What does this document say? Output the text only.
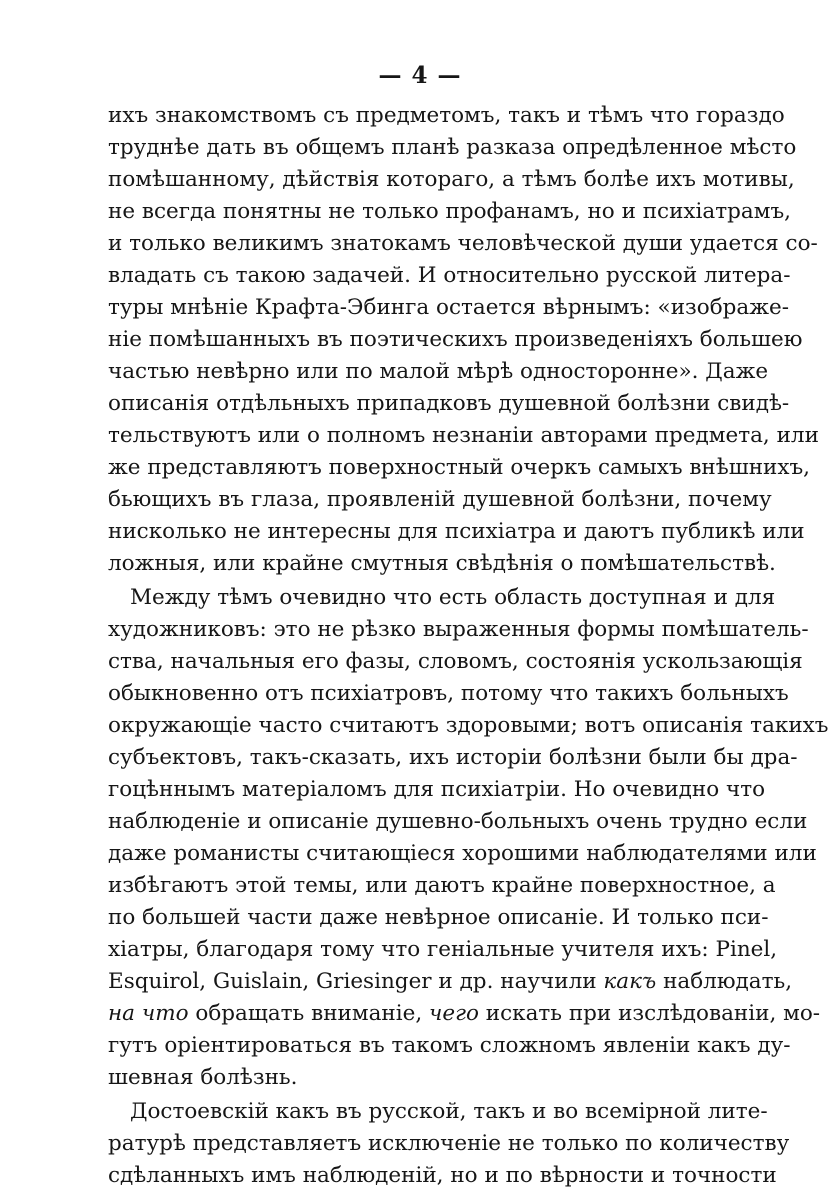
— 4 —
ихъ знакомствомъ съ предметомъ, такъ и тѣмъ что гораздо
труднѣе дать въ общемъ планѣ разказа опредѣленное мѣсто
помѣшанному, дѣйствія котораго, а тѣмъ болѣе ихъ мотивы,
не всегда понятны не только профанамъ, но и психіатрамъ,
и только великимъ знатокамъ человѣческой души удается со-
владать съ такою задачей. И относительно русской литера-
туры мнѣніе Крафта-Эбинга остается вѣрнымъ: «изображе-
ніе помѣшанныхъ въ поэтическихъ произведеніяхъ большею
частью невѣрно или по малой мѣрѣ односторонне». Даже
описанія отдѣльныхъ припадковъ душевной болѣзни свидѣ-
тельствуютъ или о полномъ незнаніи авторами предмета, или
же представляютъ поверхностный очеркъ самыхъ внѣшнихъ,
бьющихъ въ глаза, проявленій душевной болѣзни, почему
нисколько не интересны для психіатра и даютъ публикѣ или
ложныя, или крайне смутныя свѣдѣнія о помѣшательствѣ.
Между тѣмъ очевидно что есть область доступная и для
художниковъ: это не рѣзко выраженныя формы помѣшатель-
ства, начальныя его фазы, словомъ, состоянія ускользающія
обыкновенно отъ психіатровъ, потому что такихъ больныхъ
окружающіе часто считаютъ здоровыми; вотъ описанія такихъ
субъектовъ, такъ-сказать, ихъ исторіи болѣзни были бы дра-
гоцѣннымъ матеріаломъ для психіатріи. Но очевидно что
наблюденіе и описаніе душевно-больныхъ очень трудно если
даже романисты считающіеся хорошими наблюдателями или
избѣгаютъ этой темы, или даютъ крайне поверхностное, а
по большей части даже невѣрное описаніе. И только пси-
хіатры, благодаря тому что геніальные учителя ихъ: Pinel,
Esquirol, Guislain, Griesinger и др. научили какъ наблюдать,
на что обращать вниманіе, чего искать при изслѣдованіи, мо-
гутъ оріентироваться въ такомъ сложномъ явленіи какъ ду-
шевная болѣзнь.
Достоевскій какъ въ русской, такъ и во всемірной лите-
ратурѣ представляетъ исключеніе не только по количеству
сдѣланныхъ имъ наблюденій, но и по вѣрности и точности
